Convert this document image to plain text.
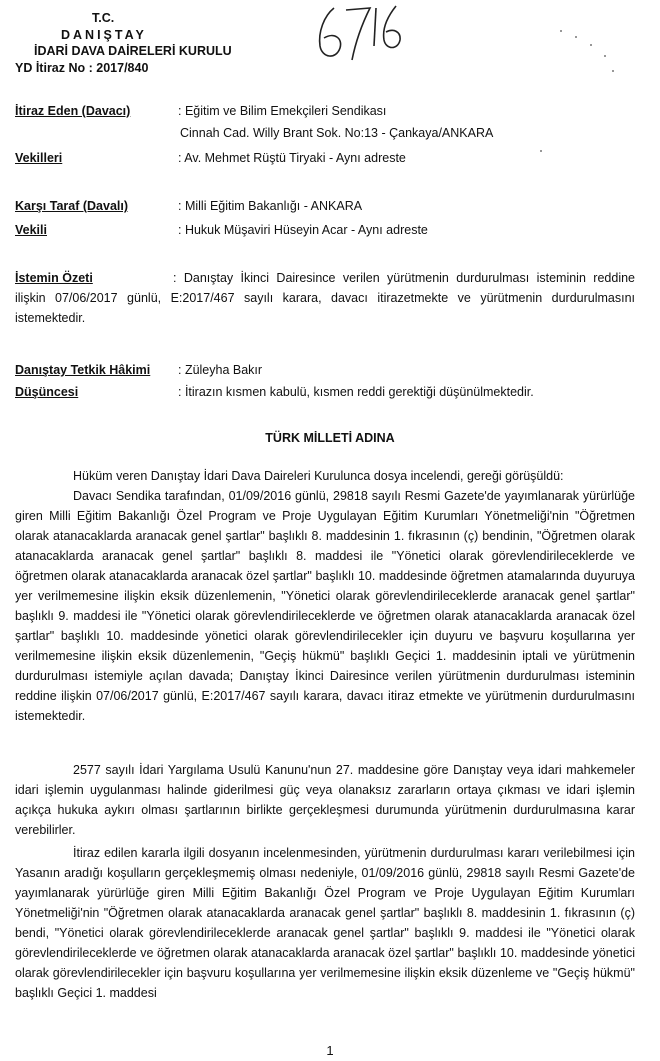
T.C.
DANIŞTAY
İDARİ DAVA DAİRELERİ KURULU
YD İtiraz No : 2017/840
İtiraz Eden (Davacı)	: Eğitim ve Bilim Emekçileri Sendikası
Cinnah Cad. Willy Brant Sok. No:13 - Çankaya/ANKARA
Vekilleri	: Av. Mehmet Rüştü Tiryaki - Aynı adreste
Karşı Taraf (Davalı)	: Milli Eğitim Bakanlığı - ANKARA
Vekili	: Hukuk Müşaviri Hüseyin Acar - Aynı adreste
İstemin Özeti	: Danıştay İkinci Dairesince verilen yürütmenin durdurulması isteminin reddine ilişkin 07/06/2017 günlü, E:2017/467 sayılı karara, davacı itirazetmekte ve yürütmenin durdurulmasını istemektedir.
Danıştay Tetkik Hâkimi : Züleyha Bakır
Düşüncesi	: İtirazın kısmen kabulü, kısmen reddi gerektiği düşünülmektedir.
TÜRK MİLLETİ ADINA
Hüküm veren Danıştay İdari Dava Daireleri Kurulunca dosya incelendi, gereği görüşüldü:
Davacı Sendika tarafından, 01/09/2016 günlü, 29818 sayılı Resmi Gazete'de yayımlanarak yürürlüğe giren Milli Eğitim Bakanlığı Özel Program ve Proje Uygulayan Eğitim Kurumları Yönetmeliği'nin "Öğretmen olarak atanacaklarda aranacak genel şartlar" başlıklı 8. maddesinin 1. fıkrasının (ç) bendinin, "Öğretmen olarak atanacaklarda aranacak genel şartlar" başlıklı 8. maddesi ile "Yönetici olarak görevlendirileceklerde ve öğretmen olarak atanacaklarda aranacak özel şartlar" başlıklı 10. maddesinde öğretmen atamalarında duyuruya yer verilmemesine ilişkin eksik düzenlemenin, "Yönetici olarak görevlendirileceklerde aranacak genel şartlar" başlıklı 9. maddesi ile "Yönetici olarak görevlendirileceklerde ve öğretmen olarak atanacaklarda aranacak özel şartlar" başlıklı 10. maddesinde yönetici olarak görevlendirilecekler için duyuru ve başvuru koşullarına yer verilmemesine ilişkin eksik düzenlemenin, "Geçiş hükmü" başlıklı Geçici 1. maddesinin iptali ve yürütmenin durdurulması istemiyle açılan davada; Danıştay İkinci Dairesince verilen yürütmenin durdurulması isteminin reddine ilişkin 07/06/2017 günlü, E:2017/467 sayılı karara, davacı itiraz etmekte ve yürütmenin durdurulmasını istemektedir.
2577 sayılı İdari Yargılama Usulü Kanunu'nun 27. maddesine göre Danıştay veya idari mahkemeler idari işlemin uygulanması halinde giderilmesi güç veya olanaksız zararların ortaya çıkması ve idari işlemin açıkça hukuka aykırı olması şartlarının birlikte gerçekleşmesi durumunda yürütmenin durdurulmasına karar verebilirler.
İtiraz edilen kararla ilgili dosyanın incelenmesinden, yürütmenin durdurulması kararı verilebilmesi için Yasanın aradığı koşulların gerçekleşmemiş olması nedeniyle, 01/09/2016 günlü, 29818 sayılı Resmi Gazete'de yayımlanarak yürürlüğe giren Milli Eğitim Bakanlığı Özel Program ve Proje Uygulayan Eğitim Kurumları Yönetmeliği'nin "Öğretmen olarak atanacaklarda aranacak genel şartlar" başlıklı 8. maddesinin 1. fıkrasının (ç) bendi, "Yönetici olarak görevlendirileceklerde aranacak genel şartlar" başlıklı 9. maddesi ile "Yönetici olarak görevlendirileceklerde ve öğretmen olarak atanacaklarda aranacak özel şartlar" başlıklı 10. maddesinde yönetici olarak görevlendirilecekler için başvuru koşullarına yer verilmemesine ilişkin eksik düzenleme ve "Geçiş hükmü" başlıklı Geçici 1. maddesi
1
